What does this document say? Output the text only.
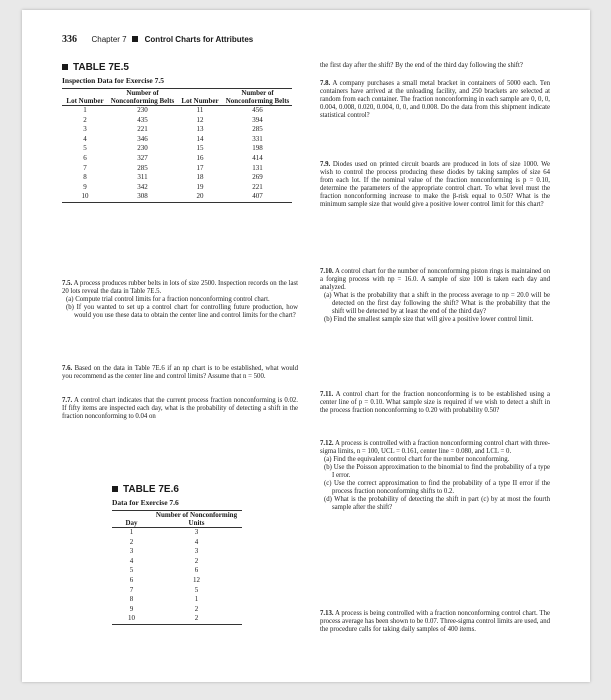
336 Chapter 7 Control Charts for Attributes
TABLE 7E.5
Inspection Data for Exercise 7.5
Lot Number	Number of Nonconforming Belts	Lot Number	Number of Nonconforming Belts
1	230	11	456
2	435	12	394
3	221	13	285
4	346	14	331
5	230	15	198
6	327	16	414
7	285	17	131
8	311	18	269
9	342	19	221
10	308	20	407
7.5. A process produces rubber belts in lots of size 2500. Inspection records on the last 20 lots reveal the data in Table 7E.5.
(a) Compute trial control limits for a fraction nonconforming control chart.
(b) If you wanted to set up a control chart for controlling future production, how would you use these data to obtain the center line and control limits for the chart?
7.6. Based on the data in Table 7E.6 if an np chart is to be established, what would you recommend as the center line and control limits? Assume that n = 500.
7.7. A control chart indicates that the current process fraction nonconforming is 0.02. If fifty items are inspected each day, what is the probability of detecting a shift in the fraction nonconforming to 0.04 on
TABLE 7E.6
Data for Exercise 7.6
Day	Number of Nonconforming Units
1	3
2	4
3	3
4	2
5	6
6	12
7	5
8	1
9	2
10	2
the first day after the shift? By the end of the third day following the shift?
7.8. A company purchases a small metal bracket in containers of 5000 each. Ten containers have arrived at the unloading facility, and 250 brackets are selected at random from each container. The fraction nonconforming in each sample are 0, 0, 0, 0.004, 0.008, 0.020, 0.004, 0, 0, and 0.008. Do the data from this shipment indicate statistical control?
7.9. Diodes used on printed circuit boards are produced in lots of size 1000. We wish to control the process producing these diodes by taking samples of size 64 from each lot. If the nominal value of the fraction nonconforming is p = 0.10, determine the parameters of the appropriate control chart. To what level must the fraction nonconforming increase to make the β-risk equal to 0.50? What is the minimum sample size that would give a positive lower control limit for this chart?
7.10. A control chart for the number of nonconforming piston rings is maintained on a forging process with np = 16.0. A sample of size 100 is taken each day and analyzed.
(a) What is the probability that a shift in the process average to np = 20.0 will be detected on the first day following the shift? What is the probability that the shift will be detected by at least the end of the third day?
(b) Find the smallest sample size that will give a positive lower control limit.
7.11. A control chart for the fraction nonconforming is to be established using a center line of p = 0.10. What sample size is required if we wish to detect a shift in the process fraction nonconforming to 0.20 with probability 0.50?
7.12. A process is controlled with a fraction nonconforming control chart with three-sigma limits, n = 100, UCL = 0.161, center line = 0.080, and LCL = 0.
(a) Find the equivalent control chart for the number nonconforming.
(b) Use the Poisson approximation to the binomial to find the probability of a type I error.
(c) Use the correct approximation to find the probability of a type II error if the process fraction nonconforming shifts to 0.2.
(d) What is the probability of detecting the shift in part (c) by at most the fourth sample after the shift?
7.13. A process is being controlled with a fraction nonconforming control chart. The process average has been shown to be 0.07. Three-sigma control limits are used, and the procedure calls for taking daily samples of 400 items.
